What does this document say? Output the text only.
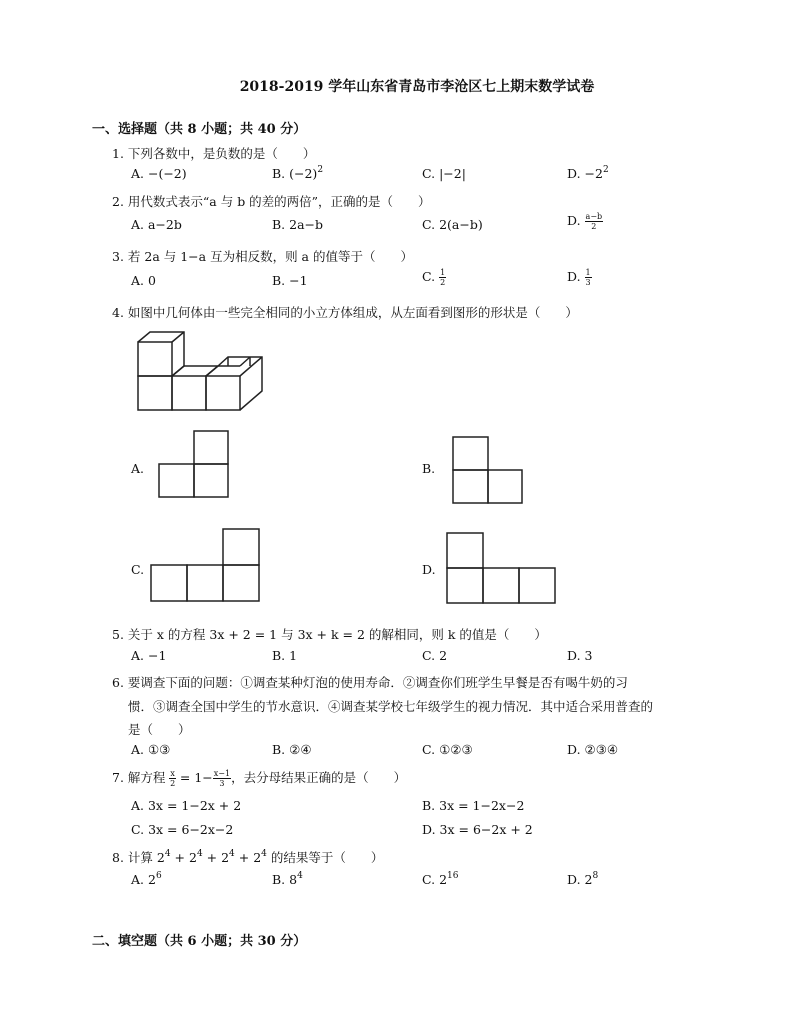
2018-2019 学年山东省青岛市李沧区七上期末数学试卷
一、选择题（共 8 小题；共 40 分）
1. 下列各数中，是负数的是（　　）
A. −(−2)	B. $(-2)^2$	C. |−2|	D. $-2^2$
2. 用代数式表示“a 与 b 的差的两倍”，正确的是（　　）
A. a−2b	B. 2a−b	C. 2(a−b)	D. $\frac{a-b}{2}$
3. 若 2a 与 1−a 互为相反数，则 a 的值等于（　　）
A. 0	B. −1	C. $\frac{1}{2}$	D. $\frac{1}{3}$
4. 如图中几何体由一些完全相同的小立方体组成，从左面看到图形的形状是（　　）
A.	B.
C.	D.
5. 关于 x 的方程 3x + 2 = 1 与 3x + k = 2 的解相同，则 k 的值是（　　）
A. −1	B. 1	C. 2	D. 3
6. 要调查下面的问题：①调查某种灯泡的使用寿命．②调查你们班学生早餐是否有喝牛奶的习
惯．③调查全国中学生的节水意识．④调查某学校七年级学生的视力情况．其中适合采用普查的
是（　　）
A. ①③	B. ②④	C. ①②③	D. ②③④
7. 解方程 $\frac{x}{2} = 1- \frac{x-1}{3}$ ，去分母结果正确的是（　　）
A. 3x = 1−2x + 2	B. 3x = 1−2x−2
C. 3x = 6−2x−2	D. 3x = 6−2x + 2
8. 计算 $2^4 + 2^4 + 2^4 + 2^4$ 的结果等于（　　）
A. $2^6$	B. $8^4$	C. $2^{16}$	D. $2^8$
二、填空题（共 6 小题；共 30 分）
